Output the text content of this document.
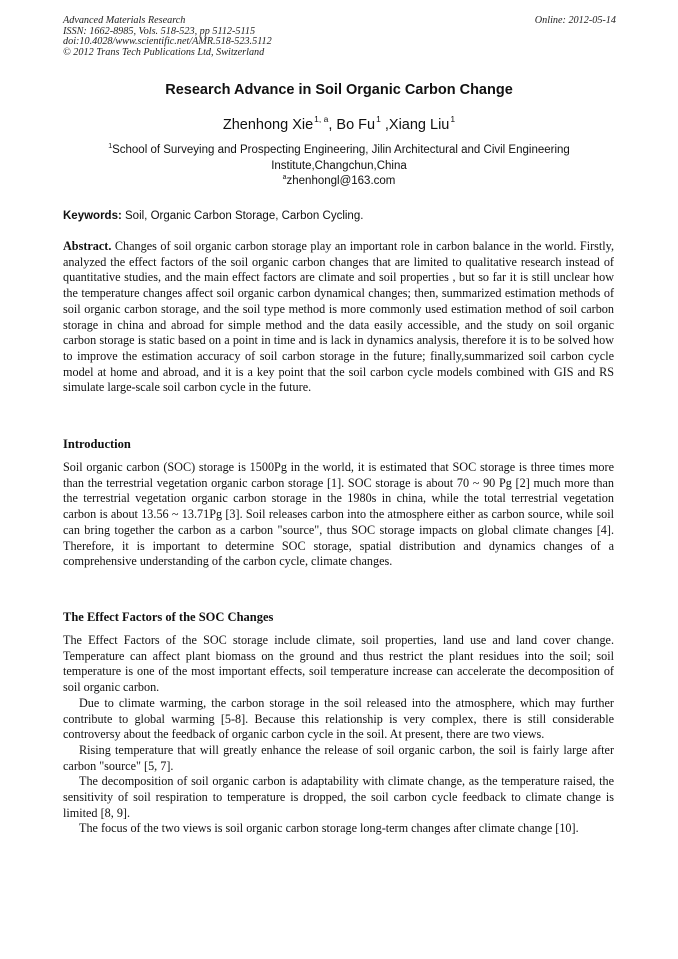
Advanced Materials Research
ISSN: 1662-8985, Vols. 518-523, pp 5112-5115
doi:10.4028/www.scientific.net/AMR.518-523.5112
© 2012 Trans Tech Publications Ltd, Switzerland
Online: 2012-05-14
Research Advance in Soil Organic Carbon Change
Zhenhong Xie$^{1, a}$, Bo Fu$^1$ ,Xiang Liu$^1$
$^1$School of Surveying and Prospecting Engineering, Jilin Architectural and Civil Engineering Institute,Changchun,China
$^a$zhenhongl@163.com
Keywords: Soil, Organic Carbon Storage, Carbon Cycling.

Abstract. Changes of soil organic carbon storage play an important role in carbon balance in the world. Firstly, analyzed the effect factors of the soil organic carbon changes that are limited to qualitative research instead of quantitative studies, and the main effect factors are climate and soil properties , but so far it is still unclear how the temperature changes affect soil organic carbon dynamical changes; then, summarized estimation methods of soil organic carbon storage, and the soil type method is more commonly used estimation method of soil carbon storage in china and abroad for simple method and the data easily accessible, and the study on soil organic carbon storage is static based on a point in time and is lack in dynamics analysis, therefore it is to be solved how to improve the estimation accuracy of soil carbon storage in the future; finally,summarized soil carbon cycle model at home and abroad, and it is a key point that the soil carbon cycle models combined with GIS and RS simulate large-scale soil carbon cycle in the future.

Introduction

Soil organic carbon (SOC) storage is 1500Pg in the world, it is estimated that SOC storage is three times more than the terrestrial vegetation organic carbon storage [1]. SOC storage is about 70 ~ 90 Pg [2] much more than the terrestrial vegetation organic carbon storage in the 1980s in china, while the total terrestrial vegetation carbon is about 13.56 ~ 13.71Pg [3]. Soil releases carbon into the atmosphere either as carbon source, while soil can bring together the carbon as a carbon "source", thus SOC storage impacts on global climate changes [4]. Therefore, it is important to determine SOC storage, spatial distribution and dynamics changes of a comprehensive understanding of the carbon cycle, climate changes.

The Effect Factors of the SOC Changes

The Effect Factors of the SOC storage include climate, soil properties, land use and land cover change. Temperature can affect plant biomass on the ground and thus restrict the plant residues into the soil; soil temperature is one of the most important effects, soil temperature increase can accelerate the decomposition of soil organic carbon.

Due to climate warming, the carbon storage in the soil released into the atmosphere, which may further contribute to global warming [5-8]. Because this relationship is very complex, there is still considerable controversy about the feedback of organic carbon cycle in the soil. At present, there are two views.

Rising temperature that will greatly enhance the release of soil organic carbon, the soil is fairly large after carbon "source" [5, 7].

The decomposition of soil organic carbon is adaptability with climate change, as the temperature raised, the sensitivity of soil respiration to temperature is dropped, the soil carbon cycle feedback to climate change is limited [8, 9].

The focus of the two views is soil organic carbon storage long-term changes after climate change [10].
